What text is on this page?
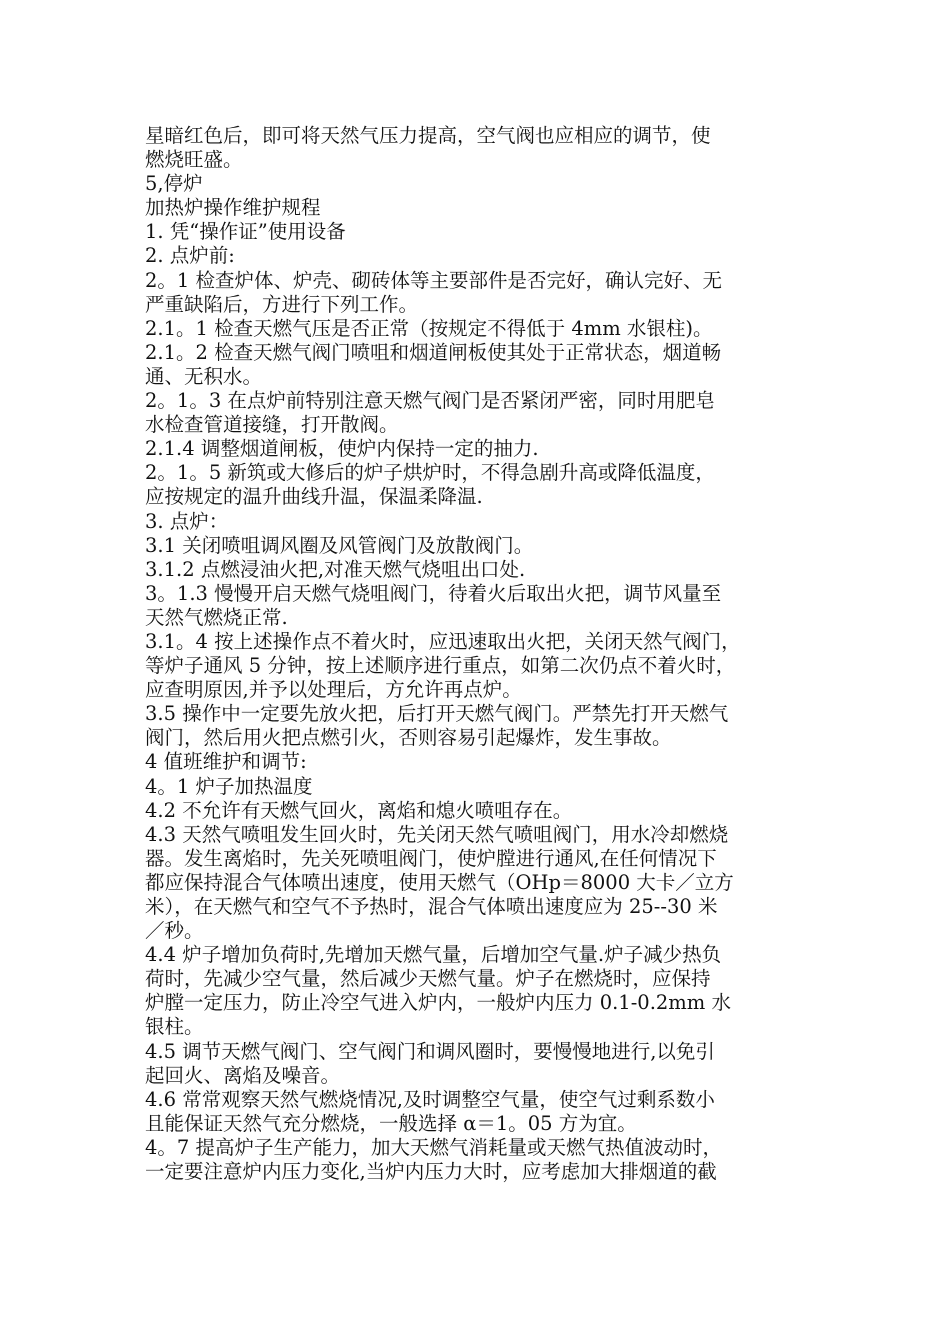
星暗红色后，即可将天然气压力提高，空气阀也应相应的调节，使
燃烧旺盛。
5,停炉
加热炉操作维护规程
1. 凭“操作证”使用设备
2. 点炉前:
2。1 检查炉体、炉壳、砌砖体等主要部件是否完好，确认完好、无
严重缺陷后，方进行下列工作。
2.1。1 检查天燃气压是否正常（按规定不得低于 4mm 水银柱)。
2.1。2 检查天燃气阀门喷咀和烟道闸板使其处于正常状态，烟道畅
通、无积水。
2。1。3 在点炉前特别注意天燃气阀门是否紧闭严密，同时用肥皂
水检查管道接缝，打开散阀。
2.1.4 调整烟道闸板，使炉内保持一定的抽力.
2。1。5 新筑或大修后的炉子烘炉时，不得急剧升高或降低温度，
应按规定的温升曲线升温，保温柔降温.
3. 点炉：
3.1 关闭喷咀调风圈及风管阀门及放散阀门。
3.1.2 点燃浸油火把,对准天燃气烧咀出口处.
3。1.3 慢慢开启天燃气烧咀阀门，待着火后取出火把，调节风量至
天然气燃烧正常.
3.1。4 按上述操作点不着火时，应迅速取出火把，关闭天然气阀门，
等炉子通风 5 分钟，按上述顺序进行重点，如第二次仍点不着火时，
应查明原因,并予以处理后，方允许再点炉。
3.5 操作中一定要先放火把，后打开天燃气阀门。严禁先打开天燃气
阀门，然后用火把点燃引火，否则容易引起爆炸，发生事故。
4 值班维护和调节:
4。1 炉子加热温度
4.2 不允许有天燃气回火，离焰和熄火喷咀存在。
4.3 天然气喷咀发生回火时，先关闭天然气喷咀阀门，用水冷却燃烧
器。发生离焰时，先关死喷咀阀门，使炉膛进行通风,在任何情况下
都应保持混合气体喷出速度，使用天燃气（OHp＝8000 大卡／立方
米），在天燃气和空气不予热时，混合气体喷出速度应为 25--30 米
／秒。
4.4 炉子增加负荷时,先增加天燃气量，后增加空气量.炉子减少热负
荷时，先减少空气量，然后减少天燃气量。炉子在燃烧时，应保持
炉膛一定压力，防止冷空气进入炉内，一般炉内压力 0.1-0.2mm 水
银柱。
4.5 调节天燃气阀门、空气阀门和调风圈时，要慢慢地进行,以免引
起回火、离焰及噪音。
4.6 常常观察天然气燃烧情况,及时调整空气量，使空气过剩系数小
且能保证天然气充分燃烧，一般选择 α＝1。05 方为宜。
4。7 提高炉子生产能力，加大天燃气消耗量或天燃气热值波动时，
一定要注意炉内压力变化,当炉内压力大时，应考虑加大排烟道的截
